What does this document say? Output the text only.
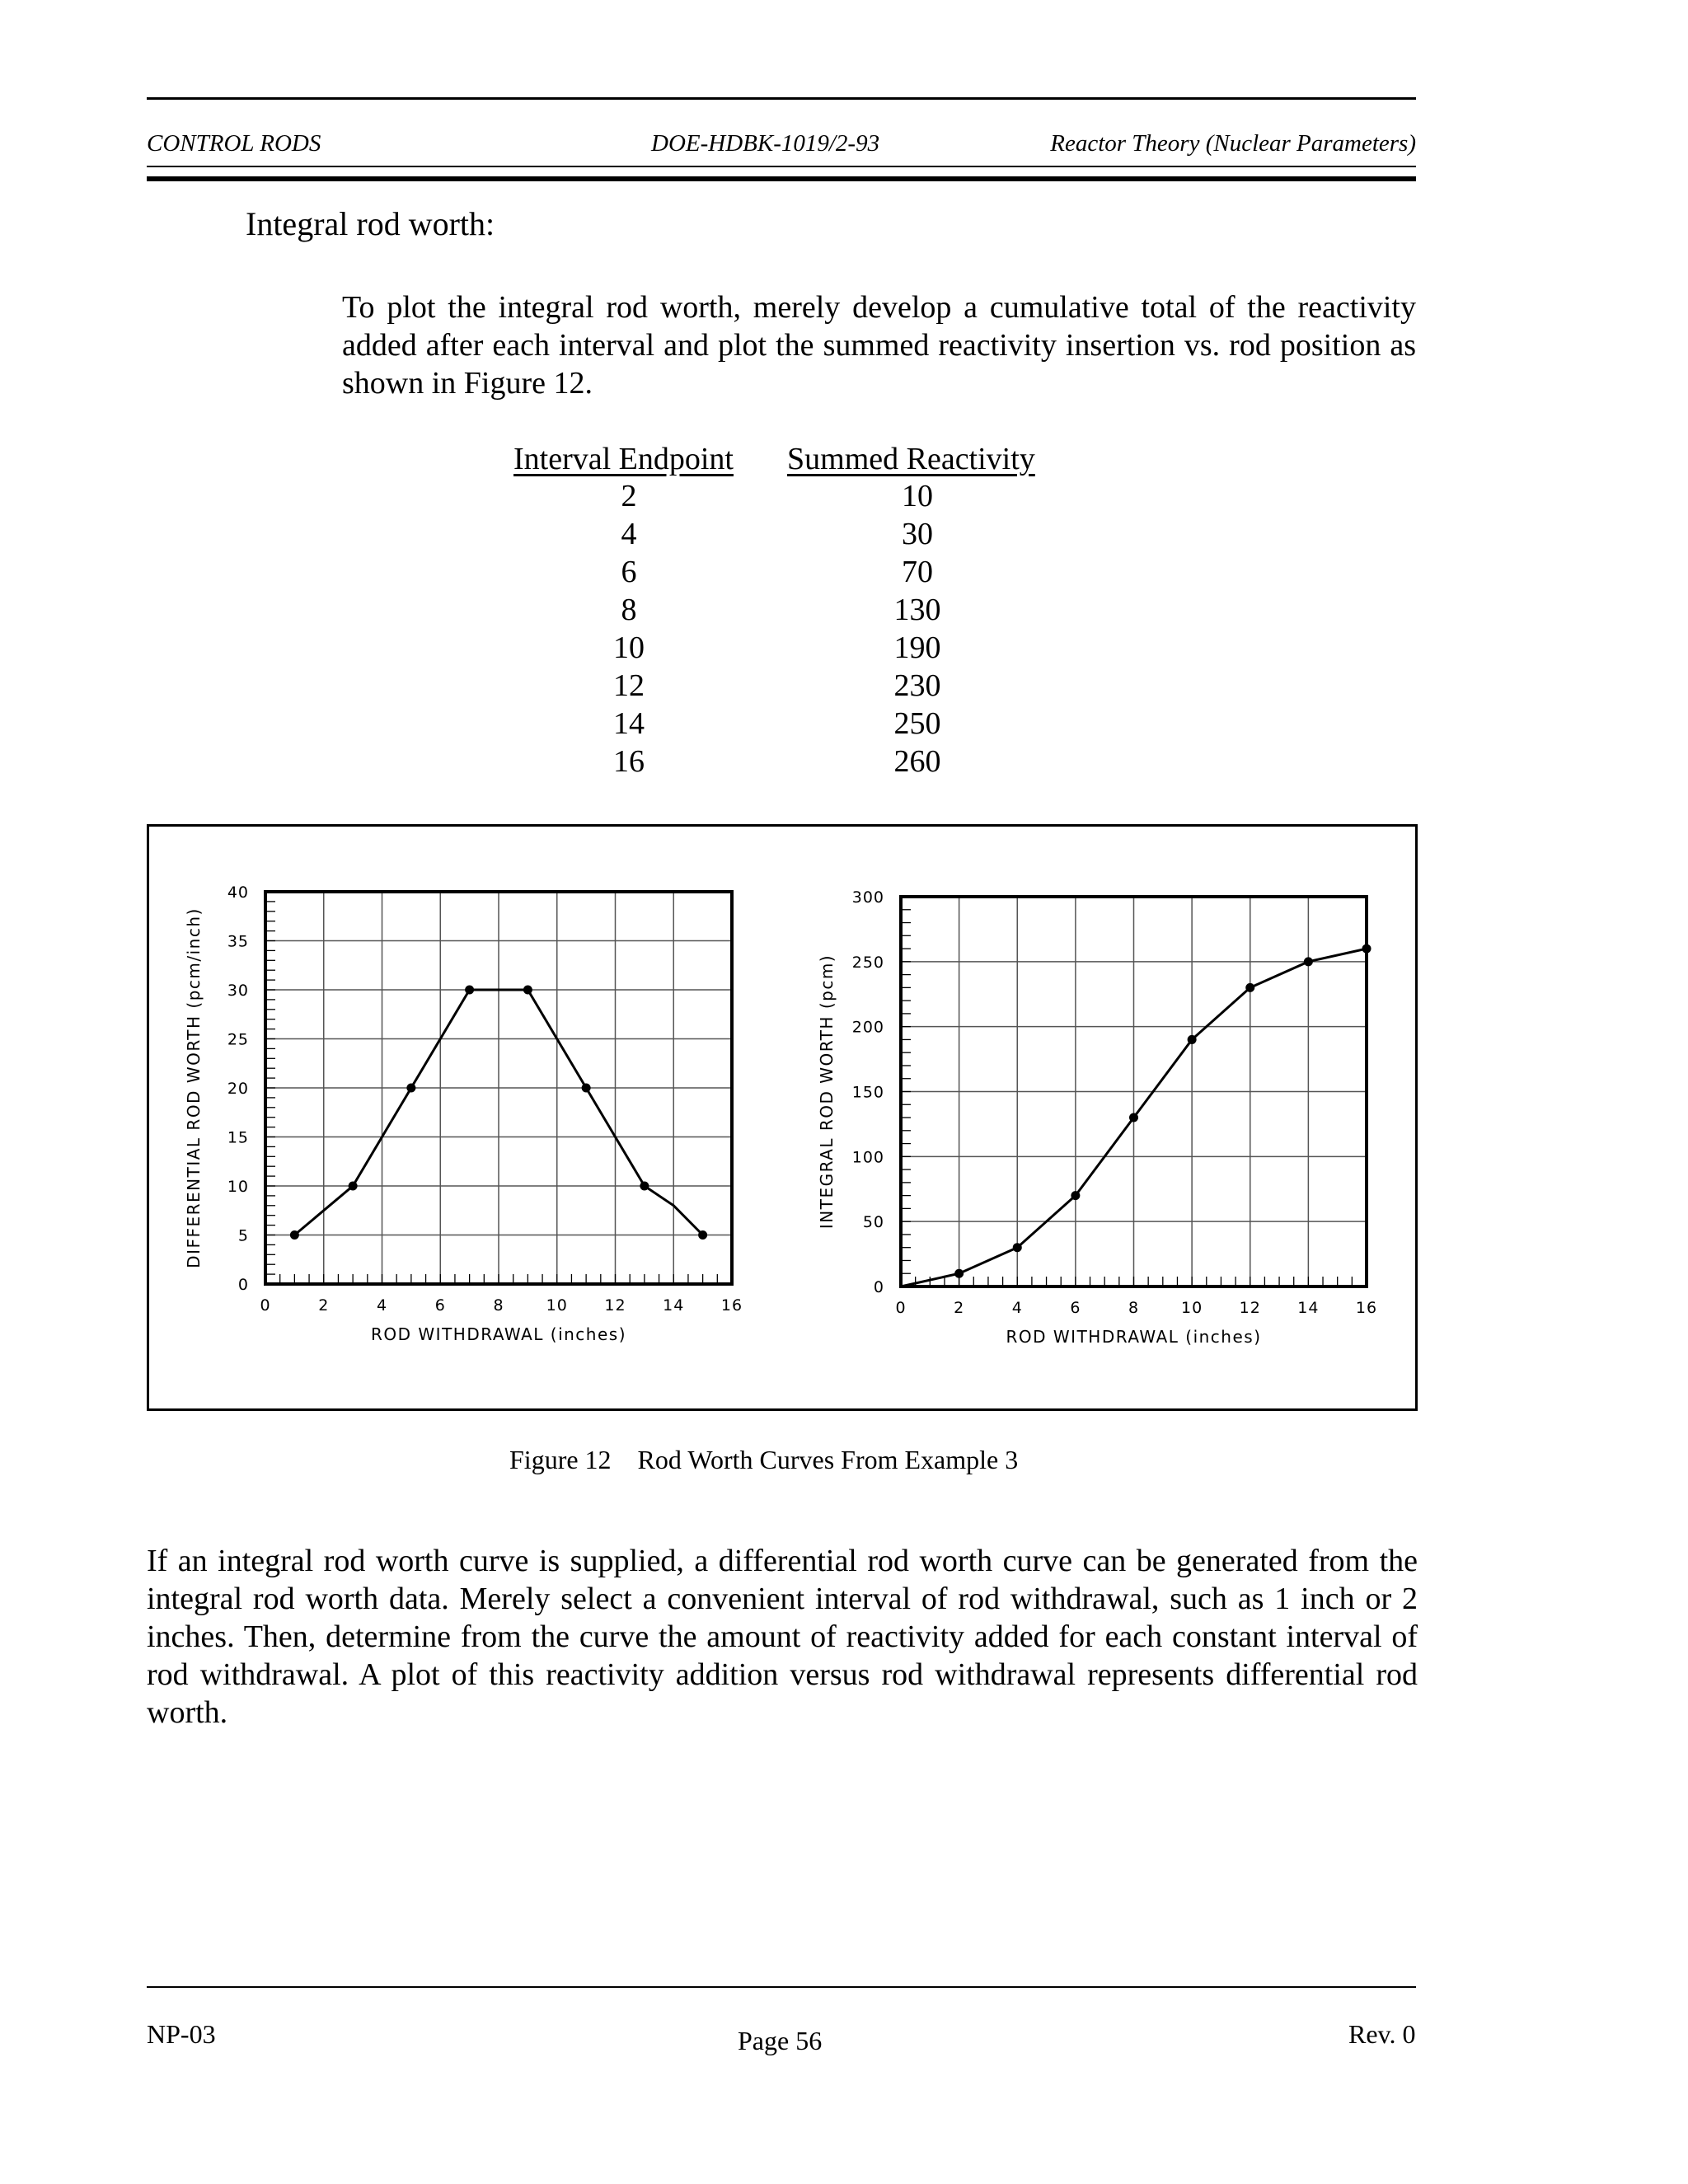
CONTROL RODS	DOE-HDBK-1019/2-93	Reactor Theory (Nuclear Parameters)
Integral rod worth:
To plot the integral rod worth, merely develop a cumulative total of the reactivity added after each interval and plot the summed reactivity insertion vs. rod position as shown in Figure 12.
Interval Endpoint Summed Reactivity
2	10
4	30
6	70
8	130
10	190
12	230
14	250
16	260
0	2	4	6	8	10 12 14 16
0
5
10
15
20
25
30
35
40
ROD WITHDRAWAL (inches)
DIFFERENTIAL ROD WORTH (pcm/inch)
0	2	4	6	8	10 12 14 16
0
50
100
150
200
250
300
ROD WITHDRAWAL (inches)
INTEGRAL ROD WORTH (pcm)
Figure 12    Rod Worth Curves From Example 3
If an integral rod worth curve is supplied, a differential rod worth curve can be generated from the integral rod worth data. Merely select a convenient interval of rod withdrawal, such as 1 inch or 2 inches. Then, determine from the curve the amount of reactivity added for each constant interval of rod withdrawal. A plot of this reactivity addition versus rod withdrawal represents differential rod worth.
NP-03	Page 56	Rev. 0
